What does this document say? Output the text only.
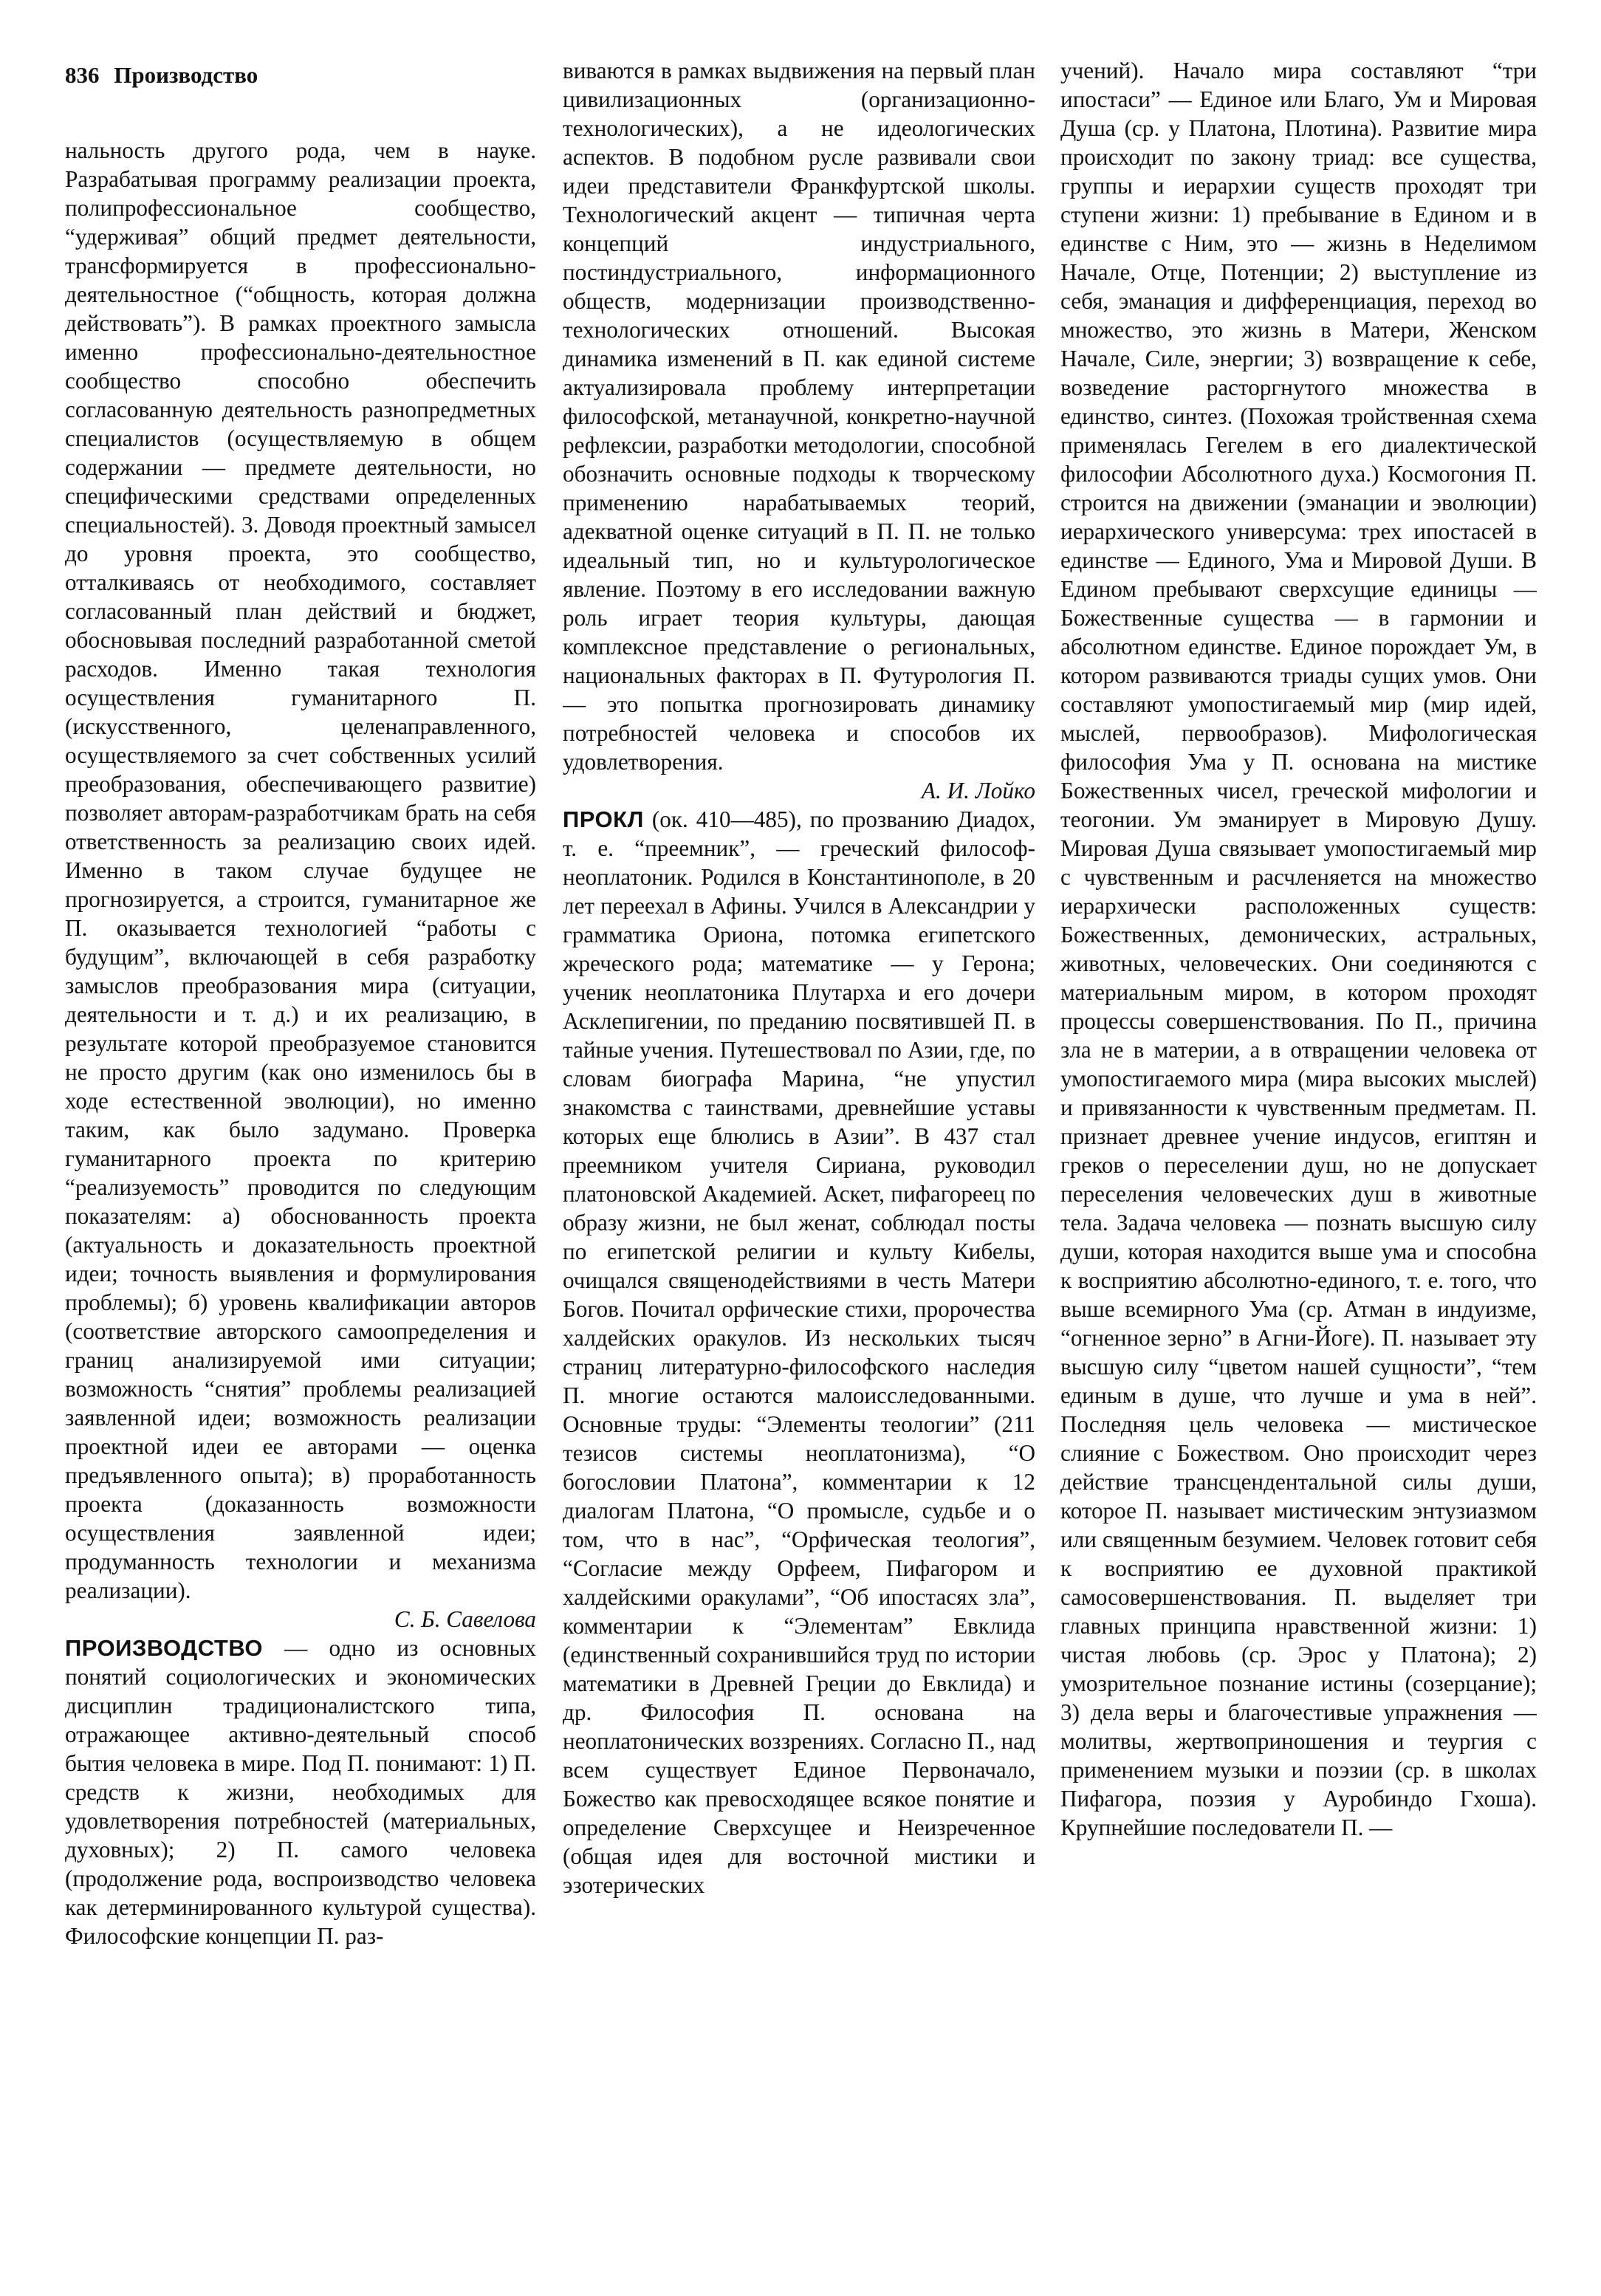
836 Производство

нальность другого рода, чем в науке. Разрабатывая программу реализации проекта, полипрофессиональное сообщество, “удерживая” общий предмет деятельности, трансформируется в профессионально-деятельностное (“общность, которая должна действовать”). В рамках проектного замысла именно профессионально-деятельностное сообщество способно обеспечить согласованную деятельность разнопредметных специалистов (осуществляемую в общем содержании — предмете деятельности, но специфическими средствами определенных специальностей). 3. Доводя проектный замысел до уровня проекта, это сообщество, отталкиваясь от необходимого, составляет согласованный план действий и бюджет, обосновывая последний разработанной сметой расходов. Именно такая технология осуществления гуманитарного П. (искусственного, целенаправленного, осуществляемого за счет собственных усилий преобразования, обеспечивающего развитие) позволяет авторам-разработчикам брать на себя ответственность за реализацию своих идей. Именно в таком случае будущее не прогнозируется, а строится, гуманитарное же П. оказывается технологией “работы с будущим”, включающей в себя разработку замыслов преобразования мира (ситуации, деятельности и т. д.) и их реализацию, в результате которой преобразуемое становится не просто другим (как оно изменилось бы в ходе естественной эволюции), но именно таким, как было задумано. Проверка гуманитарного проекта по критерию “реализуемость” проводится по следующим показателям: а) обоснованность проекта (актуальность и доказательность проектной идеи; точность выявления и формулирования проблемы); б) уровень квалификации авторов (соответствие авторского самоопределения и границ анализируемой ими ситуации; возможность “снятия” проблемы реализацией заявленной идеи; возможность реализации проектной идеи ее авторами — оценка предъявленного опыта); в) проработанность проекта (доказанность возможности осуществления заявленной идеи; продуманность технологии и механизма реализации).

С. Б. Савелова

ПРОИЗВОДСТВО — одно из основных понятий социологических и экономических дисциплин традиционалистского типа, отражающее активно-деятельный способ бытия человека в мире. Под П. понимают: 1) П. средств к жизни, необходимых для удовлетворения потребностей (материальных, духовных); 2) П. самого человека (продолжение рода, воспроизводство человека как детерминированного культурой существа). Философские концепции П. раз-

виваются в рамках выдвижения на первый план цивилизационных (организационно-технологических), а не идеологических аспектов. В подобном русле развивали свои идеи представители Франкфуртской школы. Технологический акцент — типичная черта концепций индустриального, постиндустриального, информационного обществ, модернизации производственно-технологических отношений. Высокая динамика изменений в П. как единой системе актуализировала проблему интерпретации философской, метанаучной, конкретно-научной рефлексии, разработки методологии, способной обозначить основные подходы к творческому применению нарабатываемых теорий, адекватной оценке ситуаций в П. П. не только идеальный тип, но и культурологическое явление. Поэтому в его исследовании важную роль играет теория культуры, дающая комплексное представление о региональных, национальных факторах в П. Футурология П. — это попытка прогнозировать динамику потребностей человека и способов их удовлетворения.

А. И. Лойко

ПРОКЛ (ок. 410—485), по прозванию Диадох, т. е. “преемник”, — греческий философ-неоплатоник. Родился в Константинополе, в 20 лет переехал в Афины. Учился в Александрии у грамматика Ориона, потомка египетского жреческого рода; математике — у Герона; ученик неоплатоника Плутарха и его дочери Асклепигении, по преданию посвятившей П. в тайные учения. Путешествовал по Азии, где, по словам биографа Марина, “не упустил знакомства с таинствами, древнейшие уставы которых еще блюлись в Азии”. В 437 стал преемником учителя Сириана, руководил платоновской Академией. Аскет, пифагореец по образу жизни, не был женат, соблюдал посты по египетской религии и культу Кибелы, очищался священодействиями в честь Матери Богов. Почитал орфические стихи, пророчества халдейских оракулов. Из нескольких тысяч страниц литературно-философского наследия П. многие остаются малоисследованными. Основные труды: “Элементы теологии” (211 тезисов системы неоплатонизма), “О богословии Платона”, комментарии к 12 диалогам Платона, “О промысле, судьбе и о том, что в нас”, “Орфическая теология”, “Согласие между Орфеем, Пифагором и халдейскими оракулами”, “Об ипостасях зла”, комментарии к “Элементам” Евклида (единственный сохранившийся труд по истории математики в Древней Греции до Евклида) и др. Философия П. основана на неоплатонических воззрениях. Согласно П., над всем существует Единое Первоначало, Божество как превосходящее всякое понятие и определение Сверхсущее и Неизреченное (общая идея для восточной мистики и эзотерических

учений). Начало мира составляют “три ипостаси” — Единое или Благо, Ум и Мировая Душа (ср. у Платона, Плотина). Развитие мира происходит по закону триад: все существа, группы и иерархии существ проходят три ступени жизни: 1) пребывание в Едином и в единстве с Ним, это — жизнь в Неделимом Начале, Отце, Потенции; 2) выступление из себя, эманация и дифференциация, переход во множество, это жизнь в Матери, Женском Начале, Силе, энергии; 3) возвращение к себе, возведение расторгнутого множества в единство, синтез. (Похожая тройственная схема применялась Гегелем в его диалектической философии Абсолютного духа.) Космогония П. строится на движении (эманации и эволюции) иерархического универсума: трех ипостасей в единстве — Единого, Ума и Мировой Души. В Едином пребывают сверхсущие единицы — Божественные существа — в гармонии и абсолютном единстве. Единое порождает Ум, в котором развиваются триады сущих умов. Они составляют умопостигаемый мир (мир идей, мыслей, первообразов). Мифологическая философия Ума у П. основана на мистике Божественных чисел, греческой мифологии и теогонии. Ум эманирует в Мировую Душу. Мировая Душа связывает умопостигаемый мир с чувственным и расчленяется на множество иерархически расположенных существ: Божественных, демонических, астральных, животных, человеческих. Они соединяются с материальным миром, в котором проходят процессы совершенствования. По П., причина зла не в материи, а в отвращении человека от умопостигаемого мира (мира высоких мыслей) и привязанности к чувственным предметам. П. признает древнее учение индусов, египтян и греков о переселении душ, но не допускает переселения человеческих душ в животные тела. Задача человека — познать высшую силу души, которая находится выше ума и способна к восприятию абсолютно-единого, т. е. того, что выше всемирного Ума (ср. Атман в индуизме, “огненное зерно” в Агни-Йоге). П. называет эту высшую силу “цветом нашей сущности”, “тем единым в душе, что лучше и ума в ней”. Последняя цель человека — мистическое слияние с Божеством. Оно происходит через действие трансцендентальной силы души, которое П. называет мистическим энтузиазмом или священным безумием. Человек готовит себя к восприятию ее духовной практикой самосовершенствования. П. выделяет три главных принципа нравственной жизни: 1) чистая любовь (ср. Эрос у Платона); 2) умозрительное познание истины (созерцание); 3) дела веры и благочестивые упражнения — молитвы, жертвоприношения и теургия с применением музыки и поэзии (ср. в школах Пифагора, поэзия у Ауробиндо Гхоша). Крупнейшие последователи П. —
